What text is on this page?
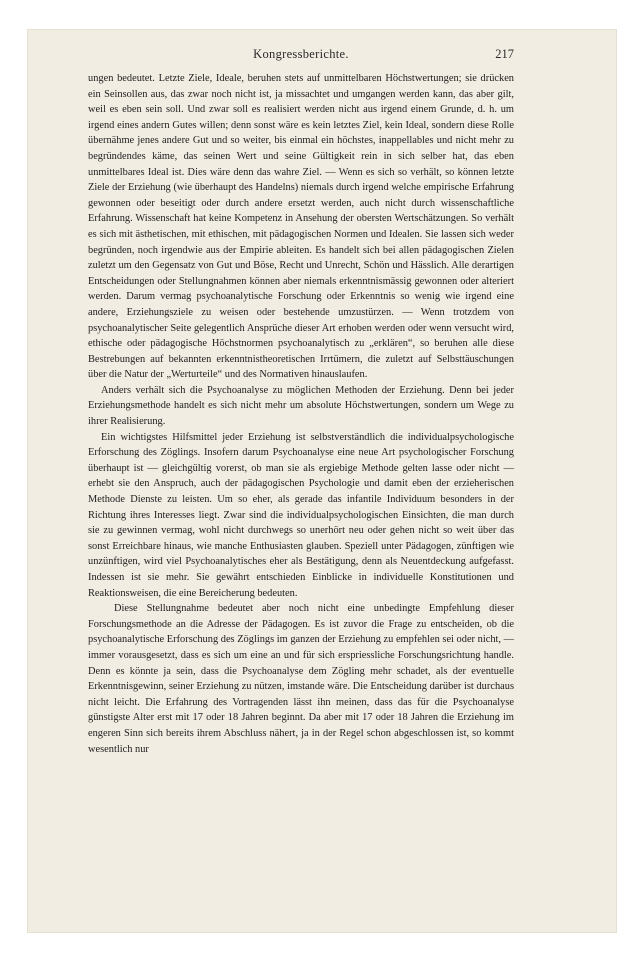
Kongressberichte.	217

ungen bedeutet. Letzte Ziele, Ideale, beruhen stets auf unmittelbaren Höchstwertungen; sie drücken ein Seinsollen aus, das zwar noch nicht ist, ja missachtet und umgangen werden kann, das aber gilt, weil es eben sein soll. Und zwar soll es realisiert werden nicht aus irgend einem Grunde, d. h. um irgend eines andern Gutes willen; denn sonst wäre es kein letztes Ziel, kein Ideal, sondern diese Rolle übernähme jenes andere Gut und so weiter, bis einmal ein höchstes, inappellables und nicht mehr zu begründendes käme, das seinen Wert und seine Gültigkeit rein in sich selber hat, das eben unmittelbares Ideal ist. Dies wäre denn das wahre Ziel. — Wenn es sich so verhält, so können letzte Ziele der Erziehung (wie überhaupt des Handelns) niemals durch irgend welche empirische Erfahrung gewonnen oder beseitigt oder durch andere ersetzt werden, auch nicht durch wissenschaftliche Erfahrung. Wissenschaft hat keine Kompetenz in Ansehung der obersten Wertschätzungen. So verhält es sich mit ästhetischen, mit ethischen, mit pädagogischen Normen und Idealen. Sie lassen sich weder begründen, noch irgendwie aus der Empirie ableiten. Es handelt sich bei allen pädagogischen Zielen zuletzt um den Gegensatz von Gut und Böse, Recht und Unrecht, Schön und Hässlich. Alle derartigen Entscheidungen oder Stellungnahmen können aber niemals erkenntnismässig gewonnen oder alteriert werden. Darum vermag psychoanalytische Forschung oder Erkenntnis so wenig wie irgend eine andere, Erziehungsziele zu weisen oder bestehende umzustürzen. — Wenn trotzdem von psychoanalytischer Seite gelegentlich Ansprüche dieser Art erhoben werden oder wenn versucht wird, ethische oder pädagogische Höchstnormen psychoanalytisch zu „erklären“, so beruhen alle diese Bestrebungen auf bekannten erkenntnistheoretischen Irrtümern, die zuletzt auf Selbsttäuschungen über die Natur der „Werturteile“ und des Normativen hinauslaufen.

Anders verhält sich die Psychoanalyse zu möglichen Methoden der Erziehung. Denn bei jeder Erziehungsmethode handelt es sich nicht mehr um absolute Höchstwertungen, sondern um Wege zu ihrer Realisierung.

Ein wichtigstes Hilfsmittel jeder Erziehung ist selbstverständlich die individualpsychologische Erforschung des Zöglings. Insofern darum Psychoanalyse eine neue Art psychologischer Forschung überhaupt ist — gleichgültig vorerst, ob man sie als ergiebige Methode gelten lasse oder nicht — erhebt sie den Anspruch, auch der pädagogischen Psychologie und damit eben der erzieherischen Methode Dienste zu leisten. Um so eher, als gerade das infantile Individuum besonders in der Richtung ihres Interesses liegt. Zwar sind die individualpsychologischen Einsichten, die man durch sie zu gewinnen vermag, wohl nicht durchwegs so unerhört neu oder gehen nicht so weit über das sonst Erreichbare hinaus, wie manche Enthusiasten glauben. Speziell unter Pädagogen, zünftigen wie unzünftigen, wird viel Psychoanalytisches eher als Bestätigung, denn als Neuentdeckung aufgefasst. Indessen ist sie mehr. Sie gewährt entschieden Einblicke in individuelle Konstitutionen und Reaktionsweisen, die eine Bereicherung bedeuten.

Diese Stellungnahme bedeutet aber noch nicht eine unbedingte Empfehlung dieser Forschungsmethode an die Adresse der Pädagogen. Es ist zuvor die Frage zu entscheiden, ob die psychoanalytische Erforschung des Zöglings im ganzen der Erziehung zu empfehlen sei oder nicht, — immer vorausgesetzt, dass es sich um eine an und für sich erspriessliche Forschungsrichtung handle. Denn es könnte ja sein, dass die Psychoanalyse dem Zögling mehr schadet, als der eventuelle Erkenntnisgewinn, seiner Erziehung zu nützen, imstande wäre. Die Entscheidung darüber ist durchaus nicht leicht. Die Erfahrung des Vortragenden lässt ihn meinen, dass das für die Psychoanalyse günstigste Alter erst mit 17 oder 18 Jahren beginnt. Da aber mit 17 oder 18 Jahren die Erziehung im engeren Sinn sich bereits ihrem Abschluss nähert, ja in der Regel schon abgeschlossen ist, so kommt wesentlich nur
